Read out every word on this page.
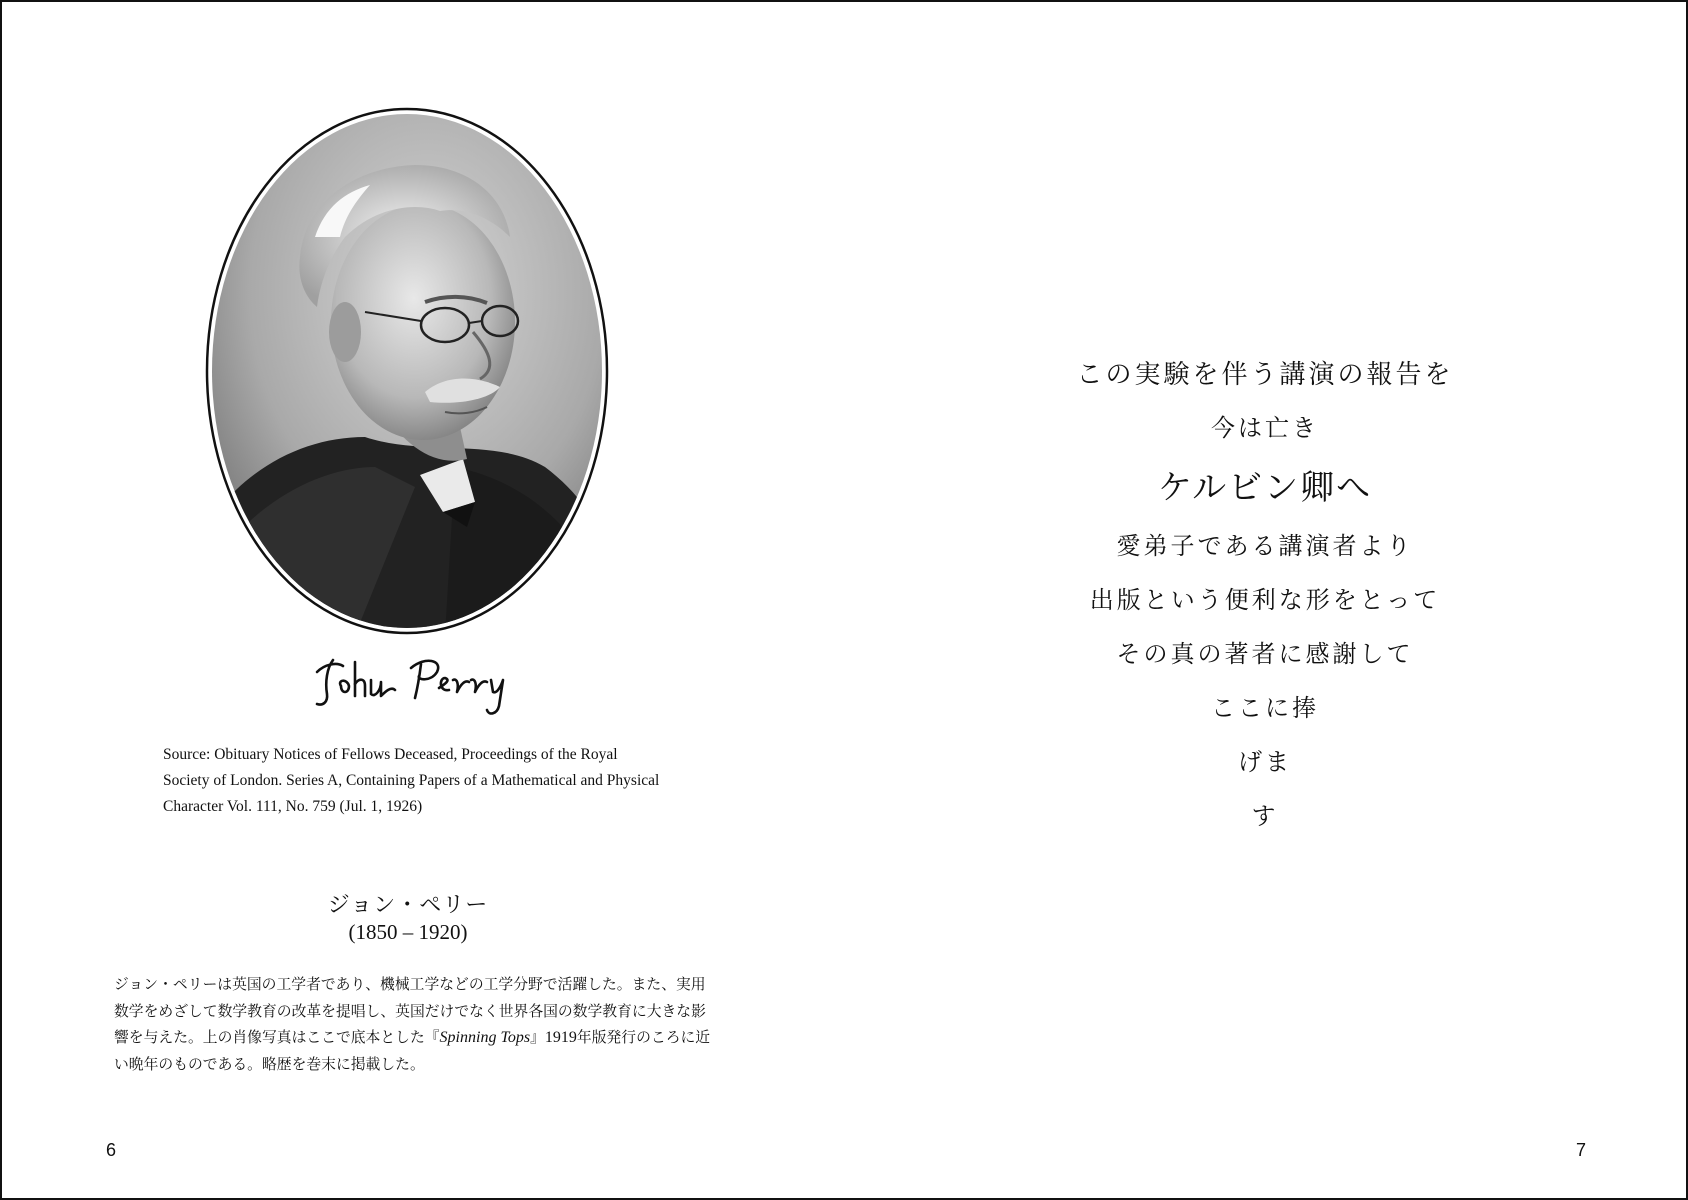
Source: Obituary Notices of Fellows Deceased, Proceedings of the Royal Society of London. Series A, Containing Papers of a Mathematical and Physical Character Vol. 111, No. 759 (Jul. 1, 1926)
ジョン・ペリー
(1850 – 1920)
ジョン・ペリーは英国の工学者であり、機械工学などの工学分野で活躍した。また、実用数学をめざして数学教育の改革を提唱し、英国だけでなく世界各国の数学教育に大きな影響を与えた。上の肖像写真はここで底本とした『Spinning Tops』1919年版発行のころに近い晩年のものである。略歴を巻末に掲載した。
6
この実験を伴う講演の報告を
今は亡き
ケルビン卿へ
愛弟子である講演者より
出版という便利な形をとって
その真の著者に感謝して
ここに捧
げま
す
7
